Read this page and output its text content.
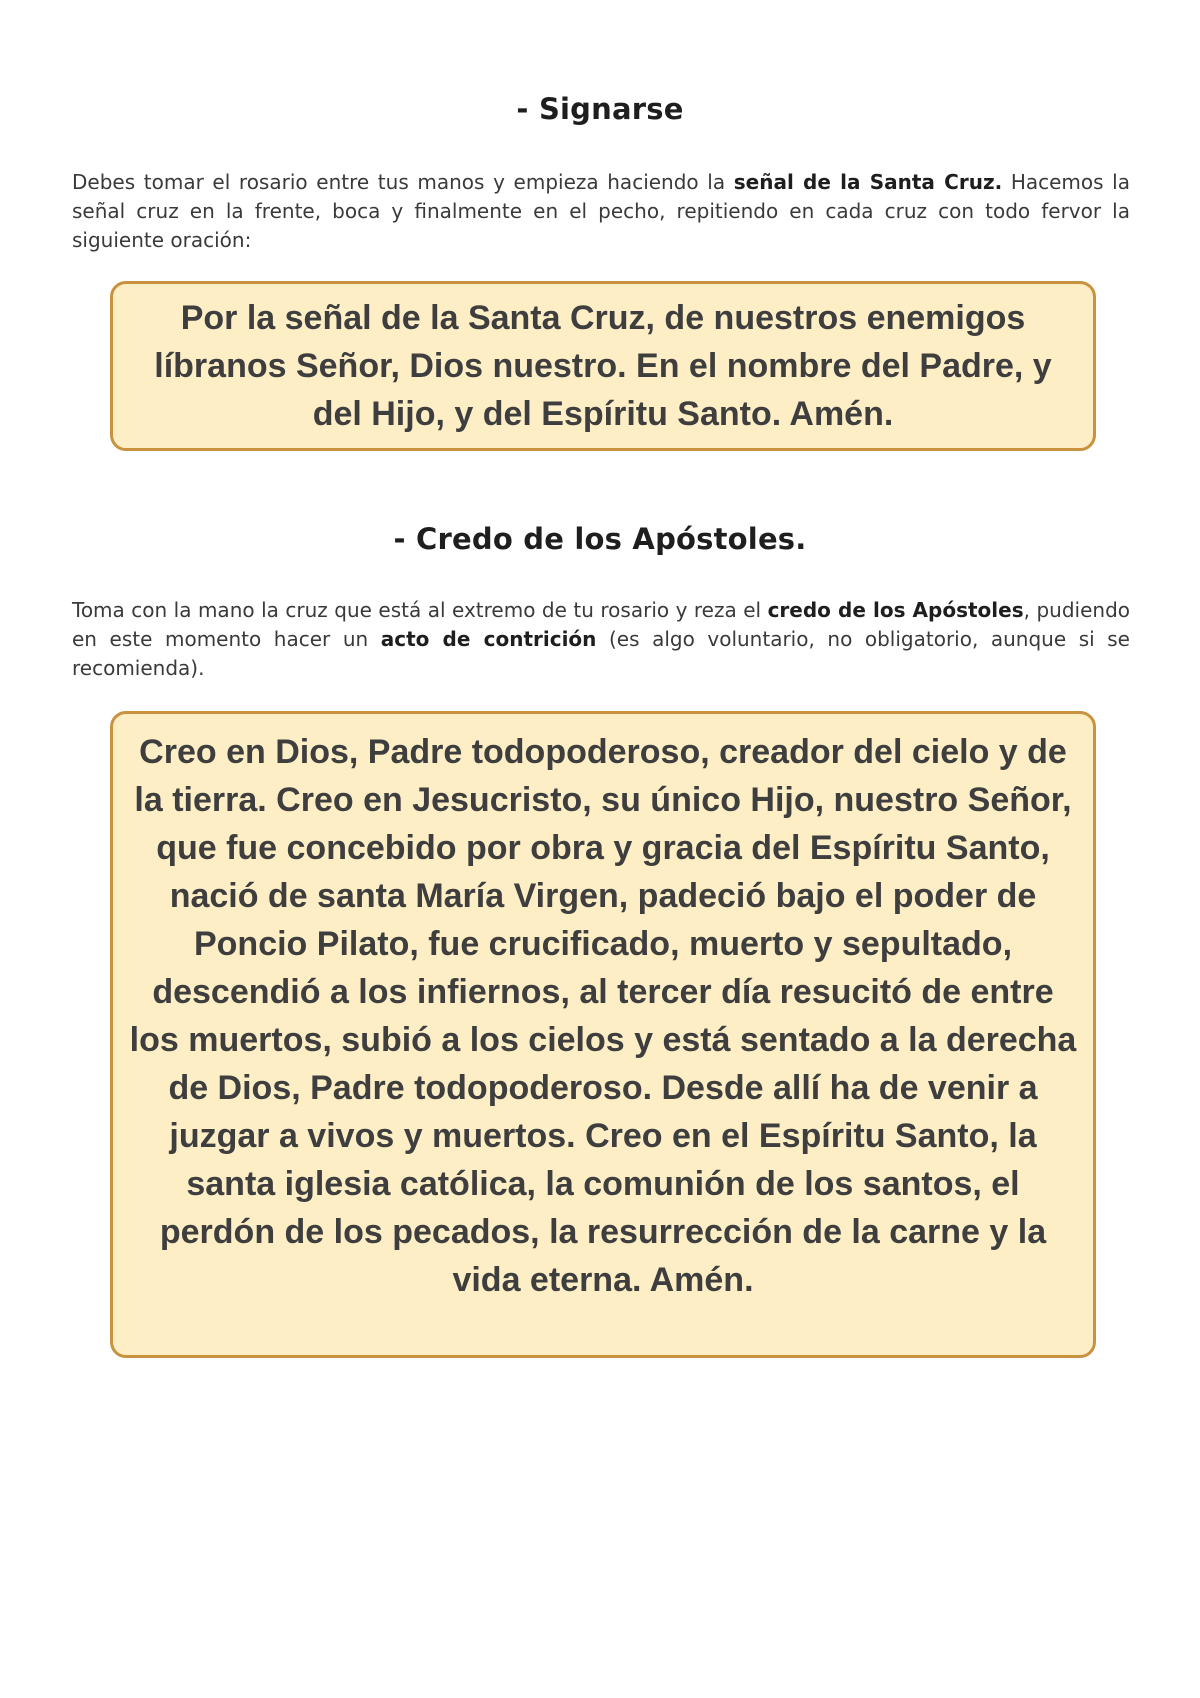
- Signarse
Debes tomar el rosario entre tus manos y empieza haciendo la señal de la Santa Cruz. Hacemos la señal cruz en la frente, boca y finalmente en el pecho, repitiendo en cada cruz con todo fervor la siguiente oración:
Por la señal de la Santa Cruz, de nuestros enemigos líbranos Señor, Dios nuestro. En el nombre del Padre, y del Hijo, y del Espíritu Santo. Amén.
- Credo de los Apóstoles.
Toma con la mano la cruz que está al extremo de tu rosario y reza el credo de los Apóstoles, pudiendo en este momento hacer un acto de contrición (es algo voluntario, no obligatorio, aunque si se recomienda).
Creo en Dios, Padre todopoderoso, creador del cielo y de la tierra. Creo en Jesucristo, su único Hijo, nuestro Señor, que fue concebido por obra y gracia del Espíritu Santo, nació de santa María Virgen, padeció bajo el poder de Poncio Pilato, fue crucificado, muerto y sepultado, descendió a los infiernos, al tercer día resucitó de entre los muertos, subió a los cielos y está sentado a la derecha de Dios, Padre todopoderoso. Desde allí ha de venir a juzgar a vivos y muertos. Creo en el Espíritu Santo, la santa iglesia católica, la comunión de los santos, el perdón de los pecados, la resurrección de la carne y la vida eterna. Amén.
